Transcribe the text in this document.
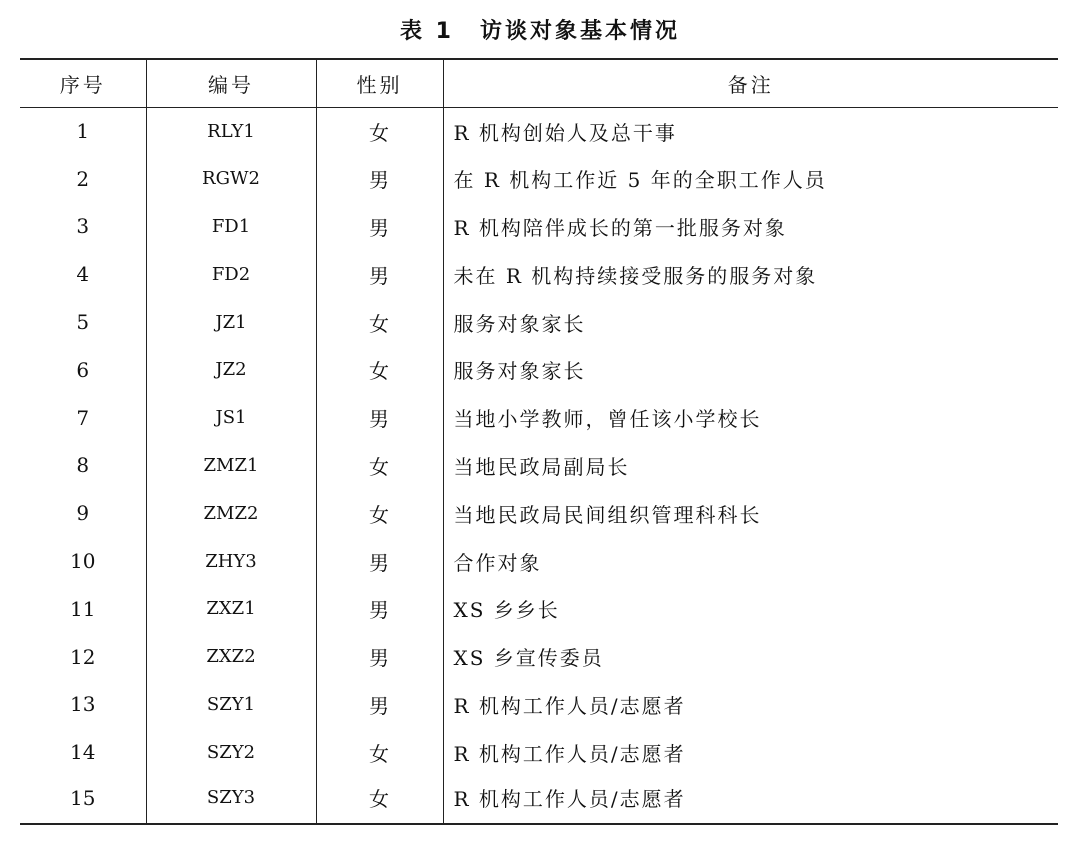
表 1 访谈对象基本情况
序号	编号	性别	备注
1	RLY1	女	R 机构创始人及总干事
2	RGW2	男	在 R 机构工作近 5 年的全职工作人员
3	FD1	男	R 机构陪伴成长的第一批服务对象
4	FD2	男	未在 R 机构持续接受服务的服务对象
5	JZ1	女	服务对象家长
6	JZ2	女	服务对象家长
7	JS1	男	当地小学教师，曾任该小学校长
8	ZMZ1	女	当地民政局副局长
9	ZMZ2	女	当地民政局民间组织管理科科长
10	ZHY3	男	合作对象
11	ZXZ1	男	XS 乡乡长
12	ZXZ2	男	XS 乡宣传委员
13	SZY1	男	R 机构工作人员/志愿者
14	SZY2	女	R 机构工作人员/志愿者
15	SZY3	女	R 机构工作人员/志愿者
